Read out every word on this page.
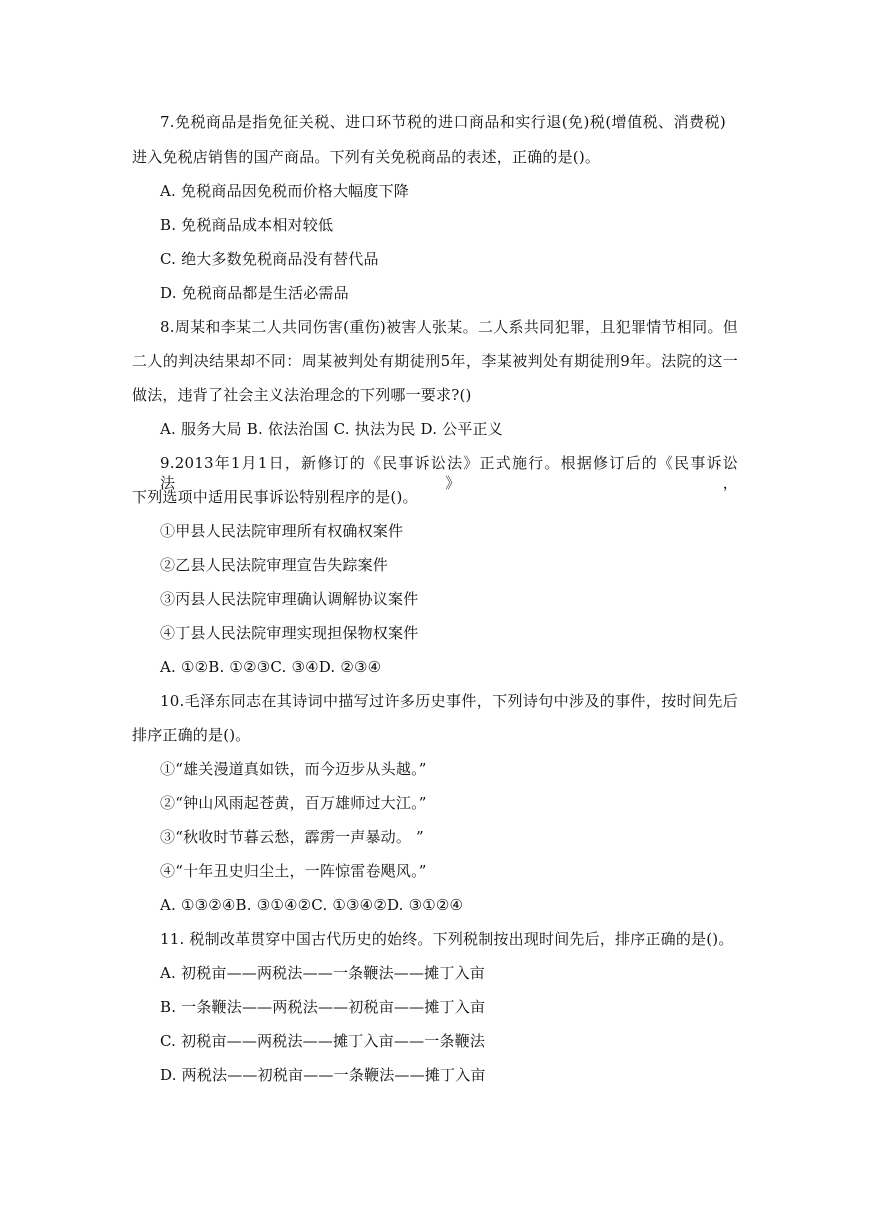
7.免税商品是指免征关税、进口环节税的进口商品和实行退(免)税(增值税、消费税)
进入免税店销售的国产商品。下列有关免税商品的表述，正确的是()。
A. 免税商品因免税而价格大幅度下降
B. 免税商品成本相对较低
C. 绝大多数免税商品没有替代品
D. 免税商品都是生活必需品
8.周某和李某二人共同伤害(重伤)被害人张某。二人系共同犯罪，且犯罪情节相同。但
二人的判决结果却不同：周某被判处有期徒刑5年，李某被判处有期徒刑9年。法院的这一
做法，违背了社会主义法治理念的下列哪一要求?()
A. 服务大局 B. 依法治国 C. 执法为民 D. 公平正义
9.2013年1月1日，新修订的《民事诉讼法》正式施行。根据修订后的《民事诉讼法》，
下列选项中适用民事诉讼特别程序的是()。
①甲县人民法院审理所有权确权案件
②乙县人民法院审理宣告失踪案件
③丙县人民法院审理确认调解协议案件
④丁县人民法院审理实现担保物权案件
A. ①②B. ①②③C. ③④D. ②③④
10.毛泽东同志在其诗词中描写过许多历史事件，下列诗句中涉及的事件，按时间先后
排序正确的是()。
①“雄关漫道真如铁，而今迈步从头越。”
②“钟山风雨起苍黄，百万雄师过大江。”
③“秋收时节暮云愁，霹雳一声暴动。 ”
④“十年丑史归尘土，一阵惊雷卷飓风。”
A. ①③②④B. ③①④②C. ①③④②D. ③①②④
11. 税制改革贯穿中国古代历史的始终。下列税制按出现时间先后，排序正确的是()。
A. 初税亩——两税法——一条鞭法——摊丁入亩
B. 一条鞭法——两税法——初税亩——摊丁入亩
C. 初税亩——两税法——摊丁入亩——一条鞭法
D. 两税法——初税亩——一条鞭法——摊丁入亩
